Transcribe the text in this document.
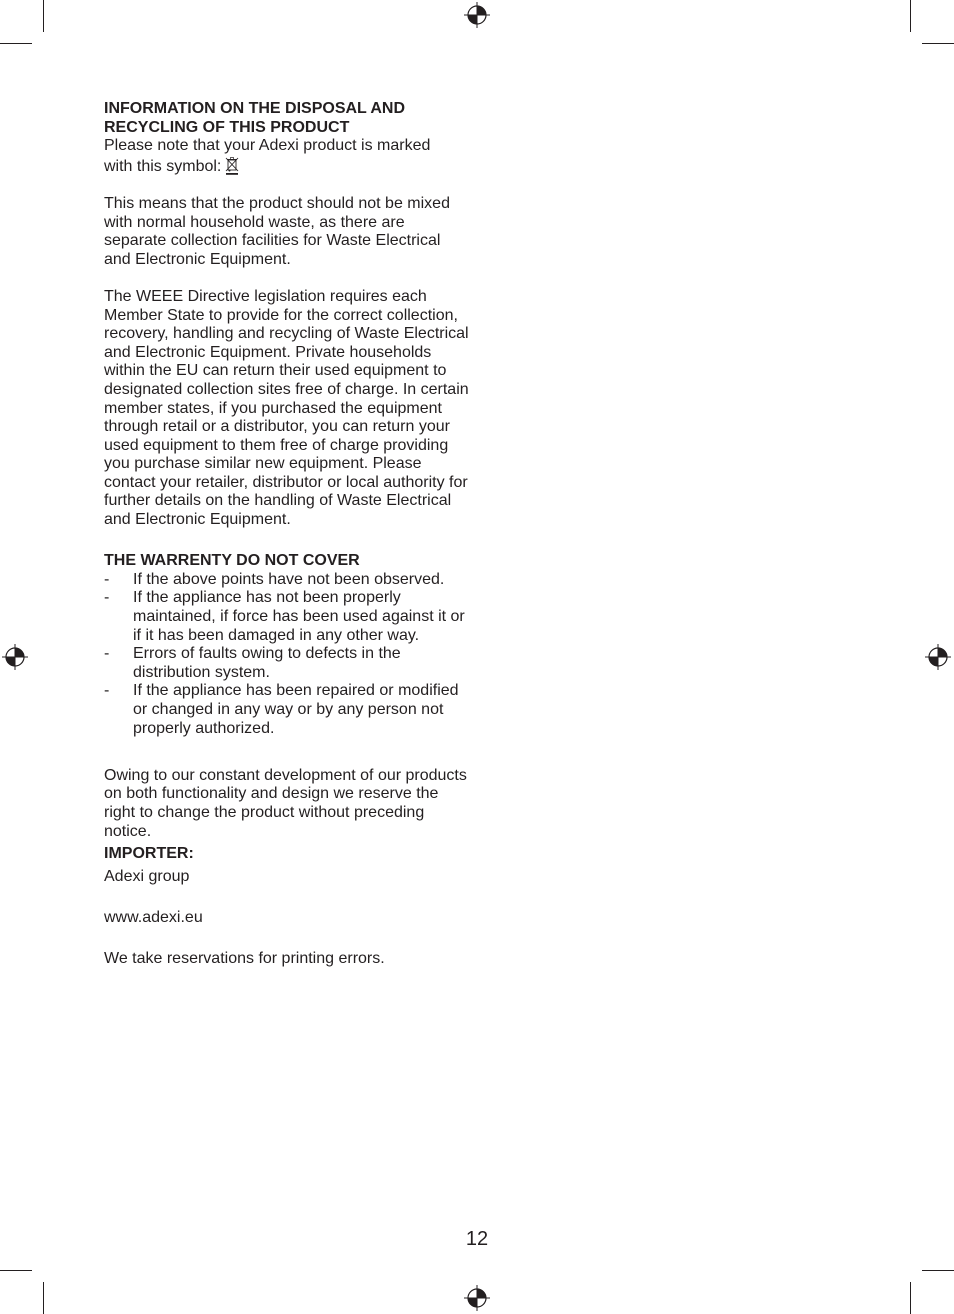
INFORMATION ON THE DISPOSAL AND
RECYCLING OF THIS PRODUCT

Please note that your Adexi product is marked
with this symbol:

This means that the product should not be mixed with normal household waste, as there are separate collection facilities for Waste Electrical and Electronic Equipment.

The WEEE Directive legislation requires each Member State to provide for the correct collection, recovery, handling and recycling of Waste Electrical and Electronic Equipment. Private households within the EU can return their used equipment to designated collection sites free of charge. In certain member states, if you purchased the equipment through retail or a distributor, you can return your used equipment to them free of charge providing you purchase similar new equipment. Please contact your retailer, distributor or local authority for further details on the handling of Waste Electrical and Electronic Equipment.

THE WARRENTY DO NOT COVER

- If the above points have not been observed.
- If the appliance has not been properly maintained, if force has been used against it or if it has been damaged in any other way.
- Errors of faults owing to defects in the distribution system.
- If the appliance has been repaired or modified or changed in any way or by any person not properly authorized.

Owing to our constant development of our products on both functionality and design we reserve the right to change the product without preceding notice.

IMPORTER:

Adexi group

www.adexi.eu

We take reservations for printing errors.

12
